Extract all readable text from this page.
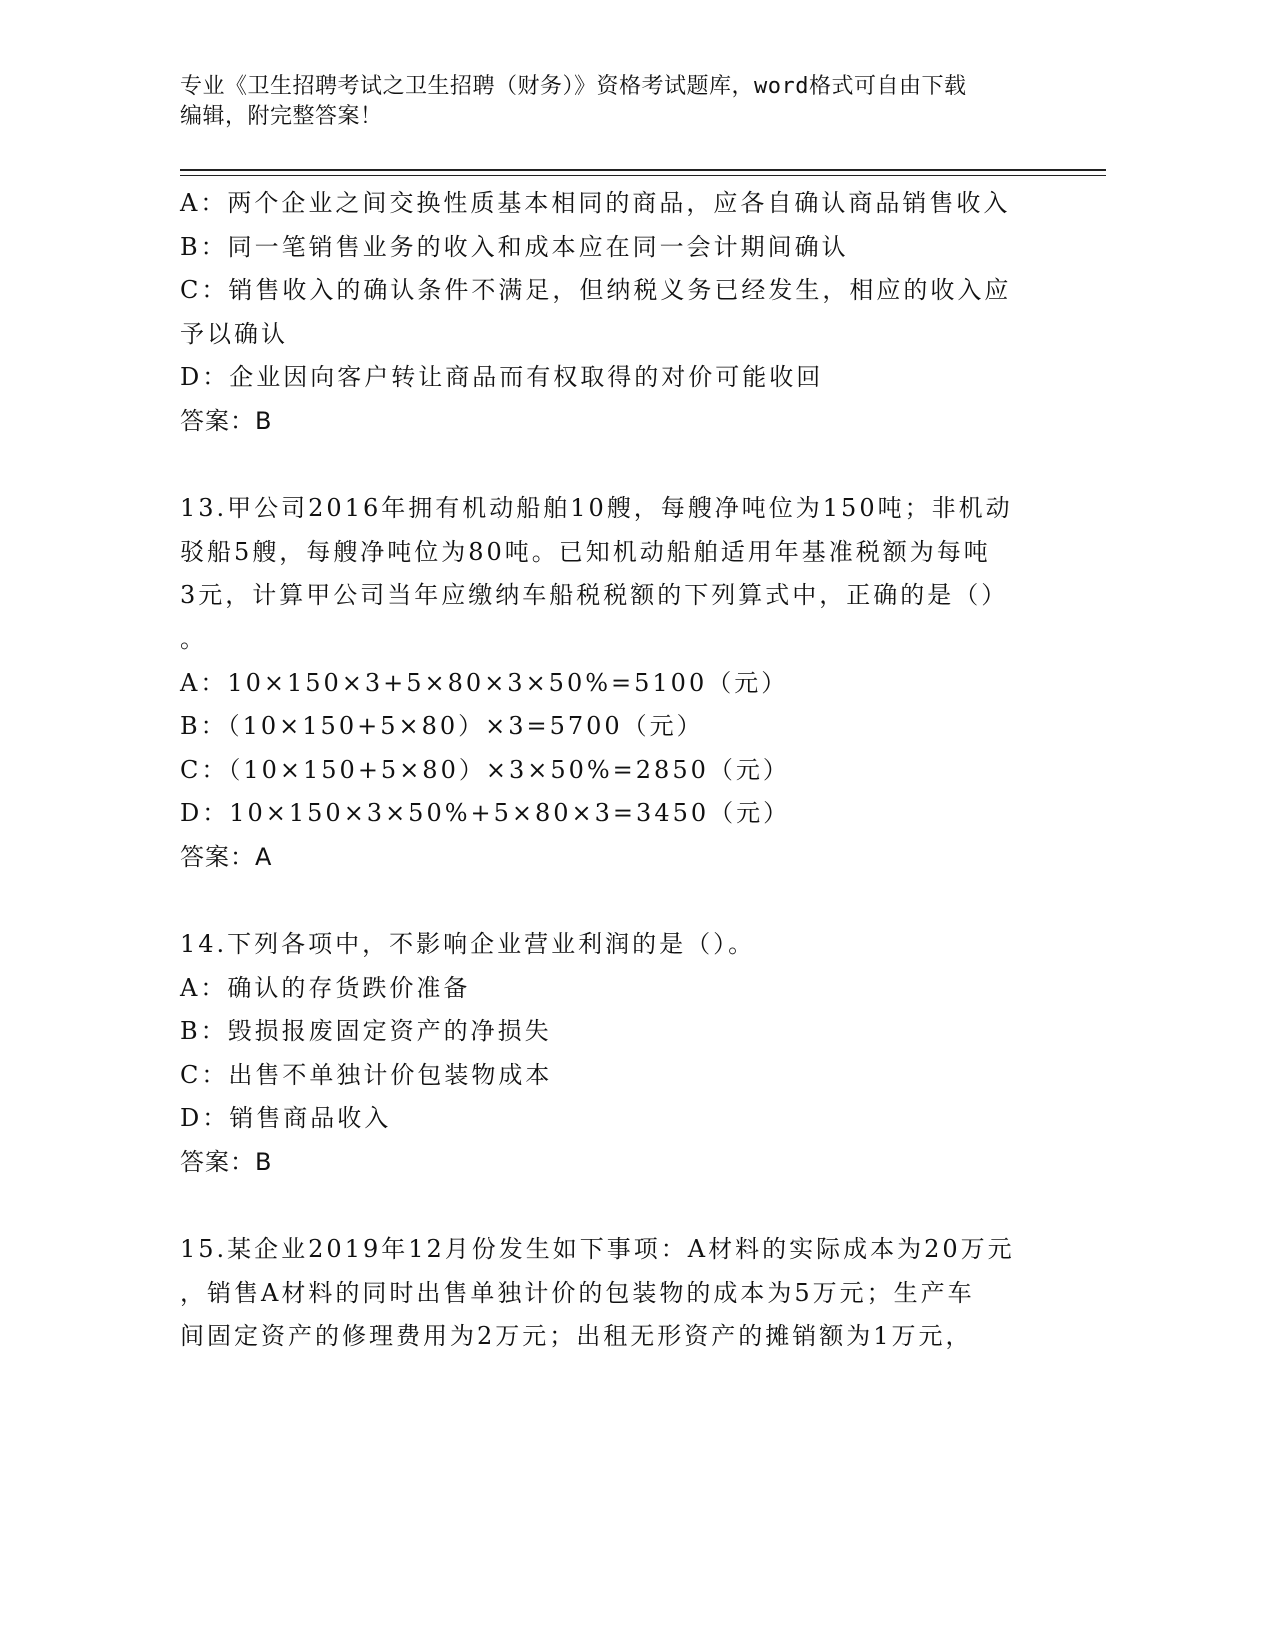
专业《卫生招聘考试之卫生招聘（财务）》资格考试题库，word格式可自由下载
编辑，附完整答案！
A：两个企业之间交换性质基本相同的商品，应各自确认商品销售收入
B：同一笔销售业务的收入和成本应在同一会计期间确认
C：销售收入的确认条件不满足，但纳税义务已经发生，相应的收入应
予以确认
D：企业因向客户转让商品而有权取得的对价可能收回
答案：B
13.甲公司2016年拥有机动船舶10艘，每艘净吨位为150吨；非机动
驳船5艘，每艘净吨位为80吨。已知机动船舶适用年基准税额为每吨
3元，计算甲公司当年应缴纳车船税税额的下列算式中，正确的是（）
。
A：10×150×3+5×80×3×50%=5100（元）
B：（10×150+5×80）×3=5700（元）
C：（10×150+5×80）×3×50%=2850（元）
D：10×150×3×50%+5×80×3=3450（元）
答案：A
14.下列各项中，不影响企业营业利润的是（）。
A：确认的存货跌价准备
B：毁损报废固定资产的净损失
C：出售不单独计价包装物成本
D：销售商品收入
答案：B
15.某企业2019年12月份发生如下事项：A材料的实际成本为20万元
，销售A材料的同时出售单独计价的包装物的成本为5万元；生产车
间固定资产的修理费用为2万元；出租无形资产的摊销额为1万元，
